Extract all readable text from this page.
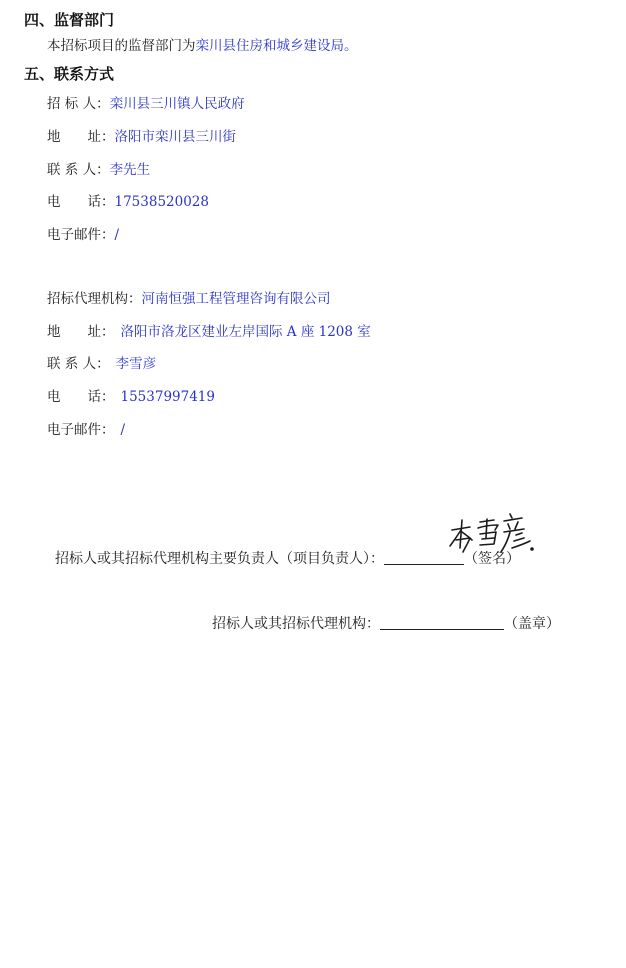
四、监督部门
本招标项目的监督部门为栾川县住房和城乡建设局。
五、联系方式
招 标 人：栾川县三川镇人民政府
地　　址：洛阳市栾川县三川街
联 系 人：李先生
电　　话：17538520028
电子邮件：/
招标代理机构：河南恒强工程管理咨询有限公司
地　　址： 洛阳市洛龙区建业左岸国际 A 座 1208 室
联 系 人： 李雪彦
电　　话： 15537997419
电子邮件： /
招标人或其招标代理机构主要负责人（项目负责人）：	（签名）
招标人或其招标代理机构：	（盖章）
